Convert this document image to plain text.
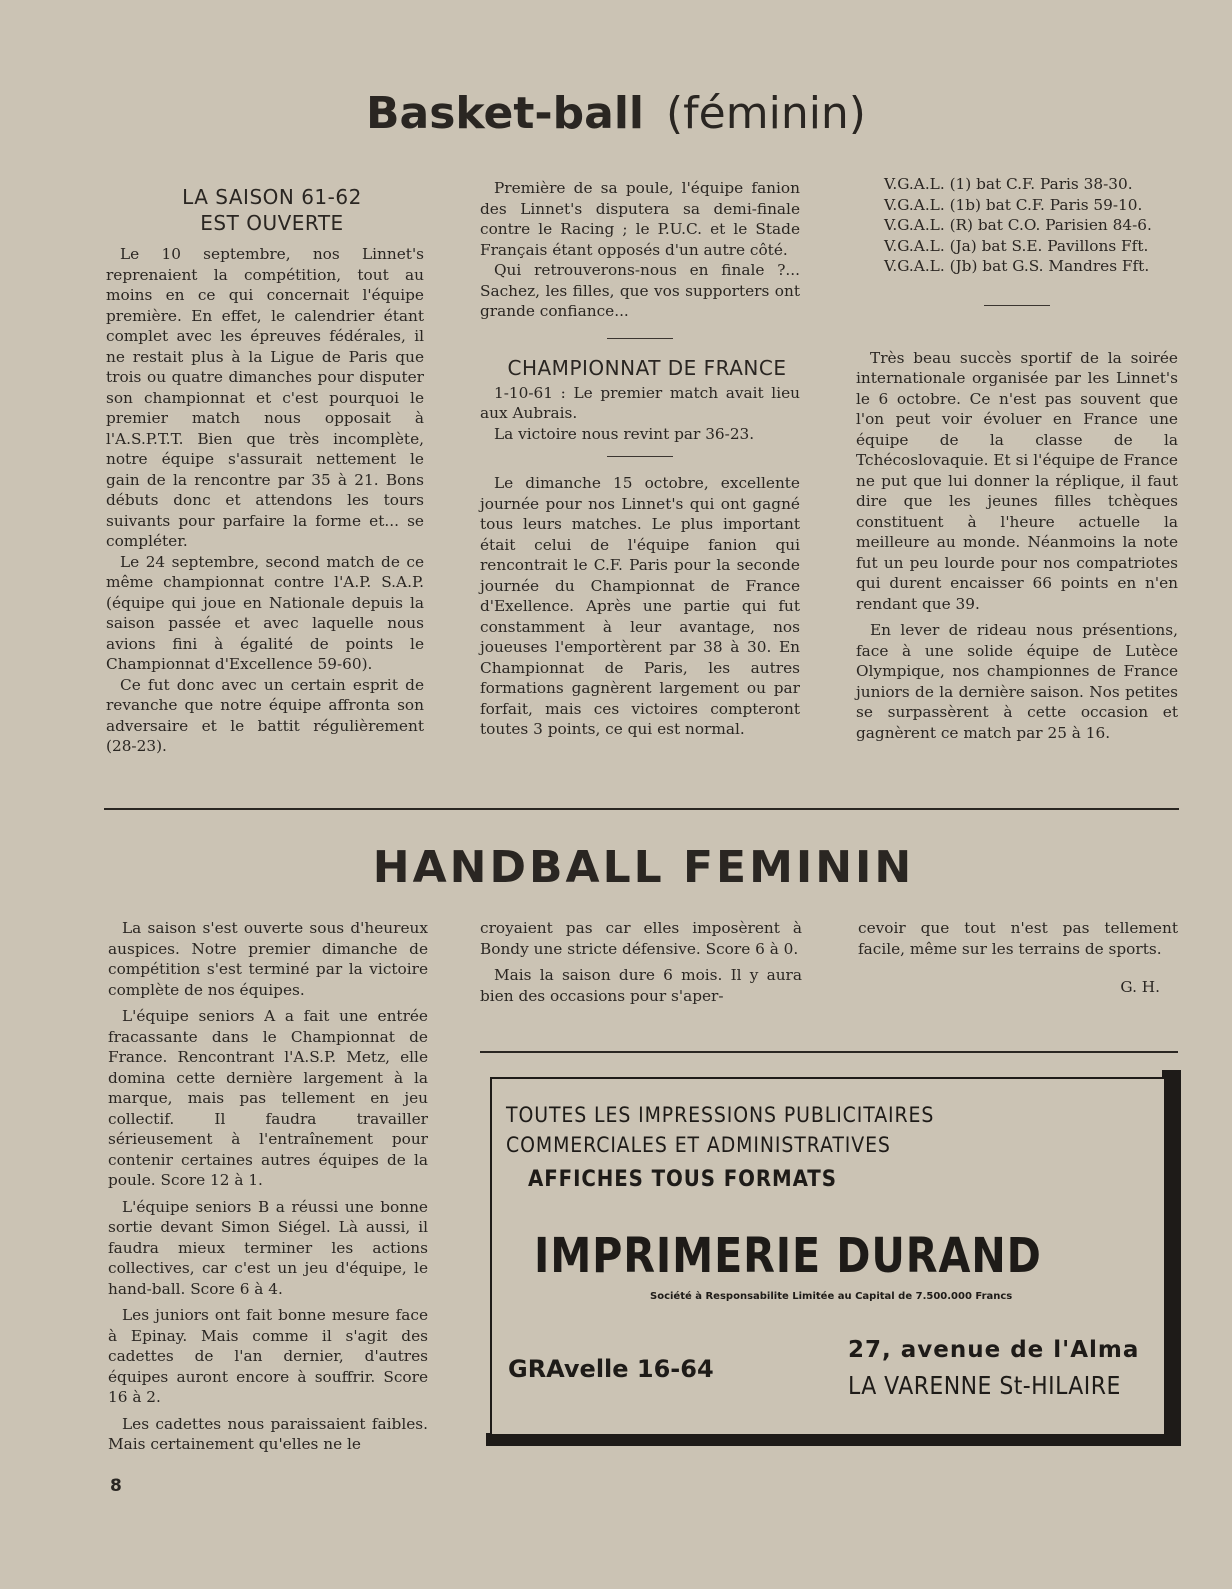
Basket-ball (féminin)

LA SAISON 61-62

EST OUVERTE

Le 10 septembre, nos Linnet's reprenaient la compétition, tout au moins en ce qui concernait l'équipe première. En effet, le calendrier étant complet avec les épreuves fédérales, il ne restait plus à la Ligue de Paris que trois ou quatre dimanches pour disputer son championnat et c'est pourquoi le premier match nous opposait à l'A.S.P.T.T. Bien que très incomplète, notre équipe s'assurait nettement le gain de la rencontre par 35 à 21. Bons débuts donc et attendons les tours suivants pour parfaire la forme et... se compléter.

Le 24 septembre, second match de ce même championnat contre l'A.P. S.A.P. (équipe qui joue en Nationale depuis la saison passée et avec laquelle nous avions fini à égalité de points le Championnat d'Excellence 59-60).

Ce fut donc avec un certain esprit de revanche que notre équipe affronta son adversaire et le battit régulièrement (28-23).

Première de sa poule, l'équipe fanion des Linnet's disputera sa demi-finale contre le Racing ; le P.U.C. et le Stade Français étant opposés d'un autre côté.

Qui retrouverons-nous en finale ?... Sachez, les filles, que vos supporters ont grande confiance...

CHAMPIONNAT DE FRANCE

1-10-61 : Le premier match avait lieu aux Aubrais.

La victoire nous revint par 36-23.

Le dimanche 15 octobre, excellente journée pour nos Linnet's qui ont gagné tous leurs matches. Le plus important était celui de l'équipe fanion qui rencontrait le C.F. Paris pour la seconde journée du Championnat de France d'Exellence. Après une partie qui fut constamment à leur avantage, nos joueuses l'emportèrent par 38 à 30. En Championnat de Paris, les autres formations gagnèrent largement ou par forfait, mais ces victoires compteront toutes 3 points, ce qui est normal.

V.G.A.L. (1) bat C.F. Paris 38-30.

V.G.A.L. (1b) bat C.F. Paris 59-10.

V.G.A.L. (R) bat C.O. Parisien 84-6.

V.G.A.L. (Ja) bat S.E. Pavillons Fft.

V.G.A.L. (Jb) bat G.S. Mandres Fft.

Très beau succès sportif de la soirée internationale organisée par les Linnet's le 6 octobre. Ce n'est pas souvent que l'on peut voir évoluer en France une équipe de la classe de la Tchécoslovaquie. Et si l'équipe de France ne put que lui donner la réplique, il faut dire que les jeunes filles tchèques constituent à l'heure actuelle la meilleure au monde. Néanmoins la note fut un peu lourde pour nos compatriotes qui durent encaisser 66 points en n'en rendant que 39.

En lever de rideau nous présentions, face à une solide équipe de Lutèce Olympique, nos championnes de France juniors de la dernière saison. Nos petites se surpassèrent à cette occasion et gagnèrent ce match par 25 à 16.

HANDBALL FEMININ

La saison s'est ouverte sous d'heureux auspices. Notre premier dimanche de compétition s'est terminé par la victoire complète de nos équipes.

L'équipe seniors A a fait une entrée fracassante dans le Championnat de France. Rencontrant l'A.S.P. Metz, elle domina cette dernière largement à la marque, mais pas tellement en jeu collectif. Il faudra travailler sérieusement à l'entraînement pour contenir certaines autres équipes de la poule. Score 12 à 1.

L'équipe seniors B a réussi une bonne sortie devant Simon Siégel. Là aussi, il faudra mieux terminer les actions collectives, car c'est un jeu d'équipe, le hand-ball. Score 6 à 4.

Les juniors ont fait bonne mesure face à Epinay. Mais comme il s'agit des cadettes de l'an dernier, d'autres équipes auront encore à souffrir. Score 16 à 2.

Les cadettes nous paraissaient faibles. Mais certainement qu'elles ne le

croyaient pas car elles imposèrent à Bondy une stricte défensive. Score 6 à 0.

Mais la saison dure 6 mois. Il y aura bien des occasions pour s'aper-

cevoir que tout n'est pas tellement facile, même sur les terrains de sports.

G. H.

TOUTES LES IMPRESSIONS PUBLICITAIRES
COMMERCIALES ET ADMINISTRATIVES
AFFICHES TOUS FORMATS
IMPRIMERIE DURAND
Société à Responsabilite Limitée au Capital de 7.500.000 Francs
GRAvelle 16-64
27, avenue de l'Alma
LA VARENNE St-HILAIRE
8
